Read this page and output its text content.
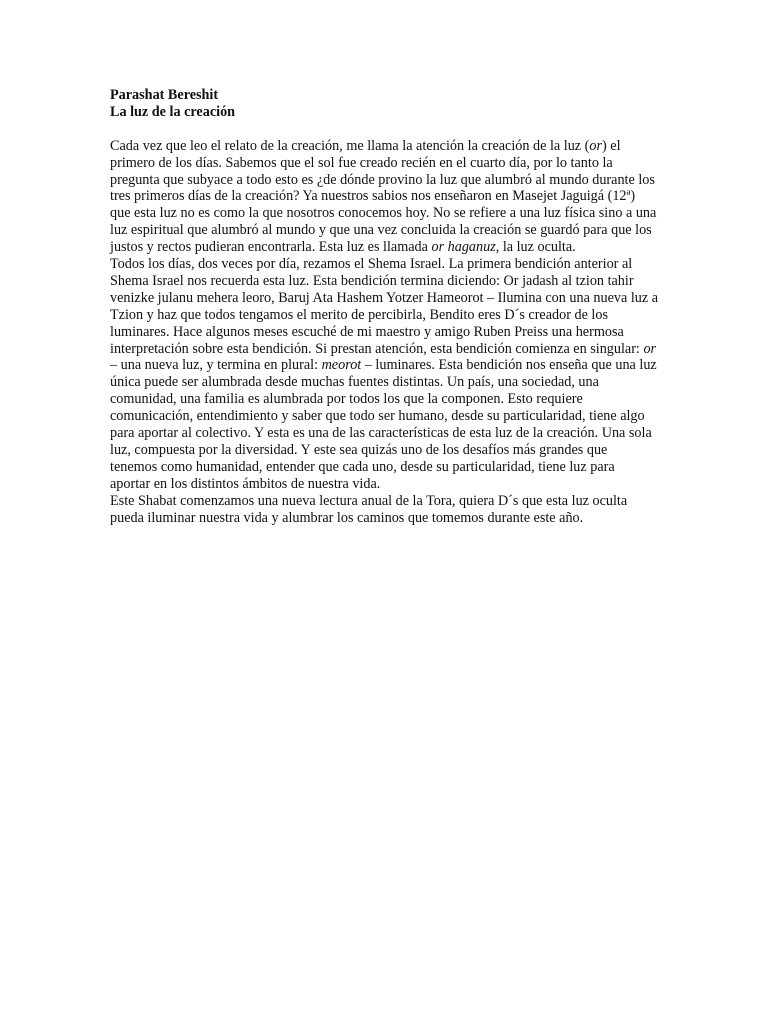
Parashat Bereshit
La luz de la creación

Cada vez que leo el relato de la creación, me llama la atención la creación de la luz (or) el primero de los días. Sabemos que el sol fue creado recién en el cuarto día, por lo tanto la pregunta que subyace a todo esto es ¿de dónde provino la luz que alumbró al mundo durante los tres primeros días de la creación? Ya nuestros sabios nos enseñaron en Masejet Jaguigá (12ª) que esta luz no es como la que nosotros conocemos hoy. No se refiere a una luz física sino a una luz espiritual que alumbró al mundo y que una vez concluida la creación se guardó para que los justos y rectos pudieran encontrarla. Esta luz es llamada or haganuz, la luz oculta.

Todos los días, dos veces por día, rezamos el Shema Israel. La primera bendición anterior al Shema Israel nos recuerda esta luz. Esta bendición termina diciendo: Or jadash al tzion tahir venizke julanu mehera leoro, Baruj Ata Hashem Yotzer Hameorot – Ilumina con una nueva luz a Tzion y haz que todos tengamos el merito de percibirla, Bendito eres D´s creador de los luminares. Hace algunos meses escuché de mi maestro y amigo Ruben Preiss una hermosa interpretación sobre esta bendición. Si prestan atención, esta bendición comienza en singular: or – una nueva luz, y termina en plural: meorot – luminares. Esta bendición nos enseña que una luz única puede ser alumbrada desde muchas fuentes distintas. Un país, una sociedad, una comunidad, una familia es alumbrada por todos los que la componen. Esto requiere comunicación, entendimiento y saber que todo ser humano, desde su particularidad, tiene algo para aportar al colectivo. Y esta es una de las características de esta luz de la creación. Una sola luz, compuesta por la diversidad. Y este sea quizás uno de los desafíos más grandes que tenemos como humanidad, entender que cada uno, desde su particularidad, tiene luz para aportar en los distintos ámbitos de nuestra vida.

Este Shabat comenzamos una nueva lectura anual de la Tora, quiera D´s que esta luz oculta pueda iluminar nuestra vida y alumbrar los caminos que tomemos durante este año.
